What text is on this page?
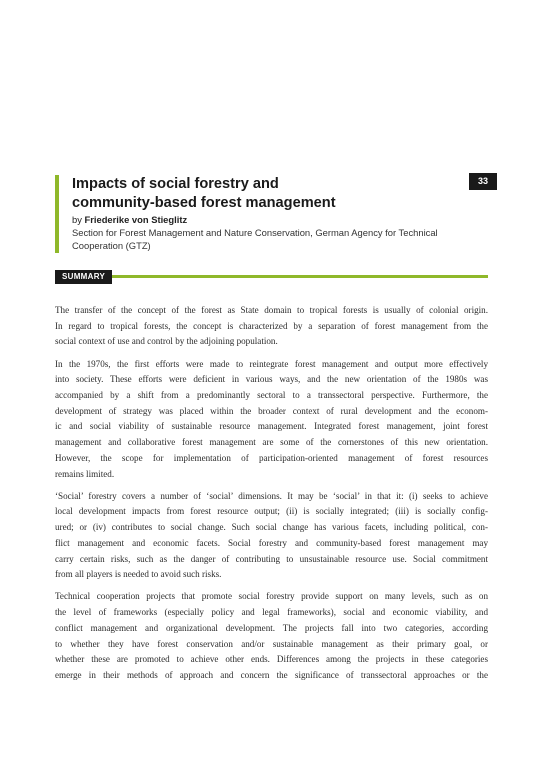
Impacts of social forestry and
community-based forest management
by Friederike von Stieglitz
Section for Forest Management and Nature Conservation, German Agency for Technical
Cooperation (GTZ)
33
SUMMARY

The transfer of the concept of the forest as State domain to tropical forests is usually of colonial origin.
In regard to tropical forests, the concept is characterized by a separation of forest management from the
social context of use and control by the adjoining population.

In the 1970s, the first efforts were made to reintegrate forest management and output more effectively
into society. These efforts were deficient in various ways, and the new orientation of the 1980s was
accompanied by a shift from a predominantly sectoral to a transsectoral perspective. Furthermore, the
development of strategy was placed within the broader context of rural development and the econom-
ic and social viability of sustainable resource management. Integrated forest management, joint forest
management and collaborative forest management are some of the cornerstones of this new orientation.
However, the scope for implementation of participation-oriented management of forest resources
remains limited.

‘Social’ forestry covers a number of ‘social’ dimensions. It may be ‘social’ in that it: (i) seeks to achieve
local development impacts from forest resource output; (ii) is socially integrated; (iii) is socially config-
ured; or (iv) contributes to social change. Such social change has various facets, including political, con-
flict management and economic facets. Social forestry and community-based forest management may
carry certain risks, such as the danger of contributing to unsustainable resource use. Social commitment
from all players is needed to avoid such risks.

Technical cooperation projects that promote social forestry provide support on many levels, such as on
the level of frameworks (especially policy and legal frameworks), social and economic viability, and
conflict management and organizational development. The projects fall into two categories, according
to whether they have forest conservation and/or sustainable management as their primary goal, or
whether these are promoted to achieve other ends. Differences among the projects in these categories
emerge in their methods of approach and concern the significance of transsectoral approaches or the
